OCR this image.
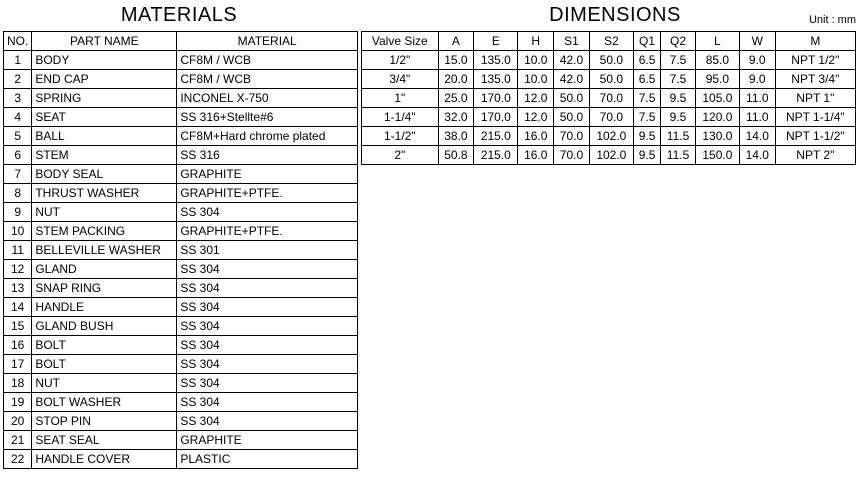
MATERIALS	DIMENSIONS	Unit : mm
NO.	PART NAME	MATERIAL
1	BODY	CF8M / WCB
2	END CAP	CF8M / WCB
3	SPRING	INCONEL X-750
4	SEAT	SS 316+Stellte#6
5	BALL	CF8M+Hard chrome plated
6	STEM	SS 316
7	BODY SEAL	GRAPHITE
8	THRUST WASHER	GRAPHITE+PTFE.
9	NUT	SS 304
10	STEM PACKING	GRAPHITE+PTFE.
11	BELLEVILLE WASHER	SS 301
12	GLAND	SS 304
13	SNAP RING	SS 304
14	HANDLE	SS 304
15	GLAND BUSH	SS 304
16	BOLT	SS 304
17	BOLT	SS 304
18	NUT	SS 304
19	BOLT WASHER	SS 304
20	STOP PIN	SS 304
21	SEAT SEAL	GRAPHITE
22	HANDLE COVER	PLASTIC
Valve Size	A	E	H	S1	S2	Q1	Q2	L	W	M
1/2"	15.0	135.0	10.0	42.0	50.0	6.5	7.5	85.0	9.0	NPT 1/2"
3/4"	20.0	135.0	10.0	42.0	50.0	6.5	7.5	95.0	9.0	NPT 3/4"
1"	25.0	170.0	12.0	50.0	70.0	7.5	9.5	105.0	11.0	NPT 1"
1-1/4"	32.0	170.0	12.0	50.0	70.0	7.5	9.5	120.0	11.0	NPT 1-1/4"
1-1/2"	38.0	215.0	16.0	70.0	102.0	9.5	11.5	130.0	14.0	NPT 1-1/2"
2"	50.8	215.0	16.0	70.0	102.0	9.5	11.5	150.0	14.0	NPT 2"
